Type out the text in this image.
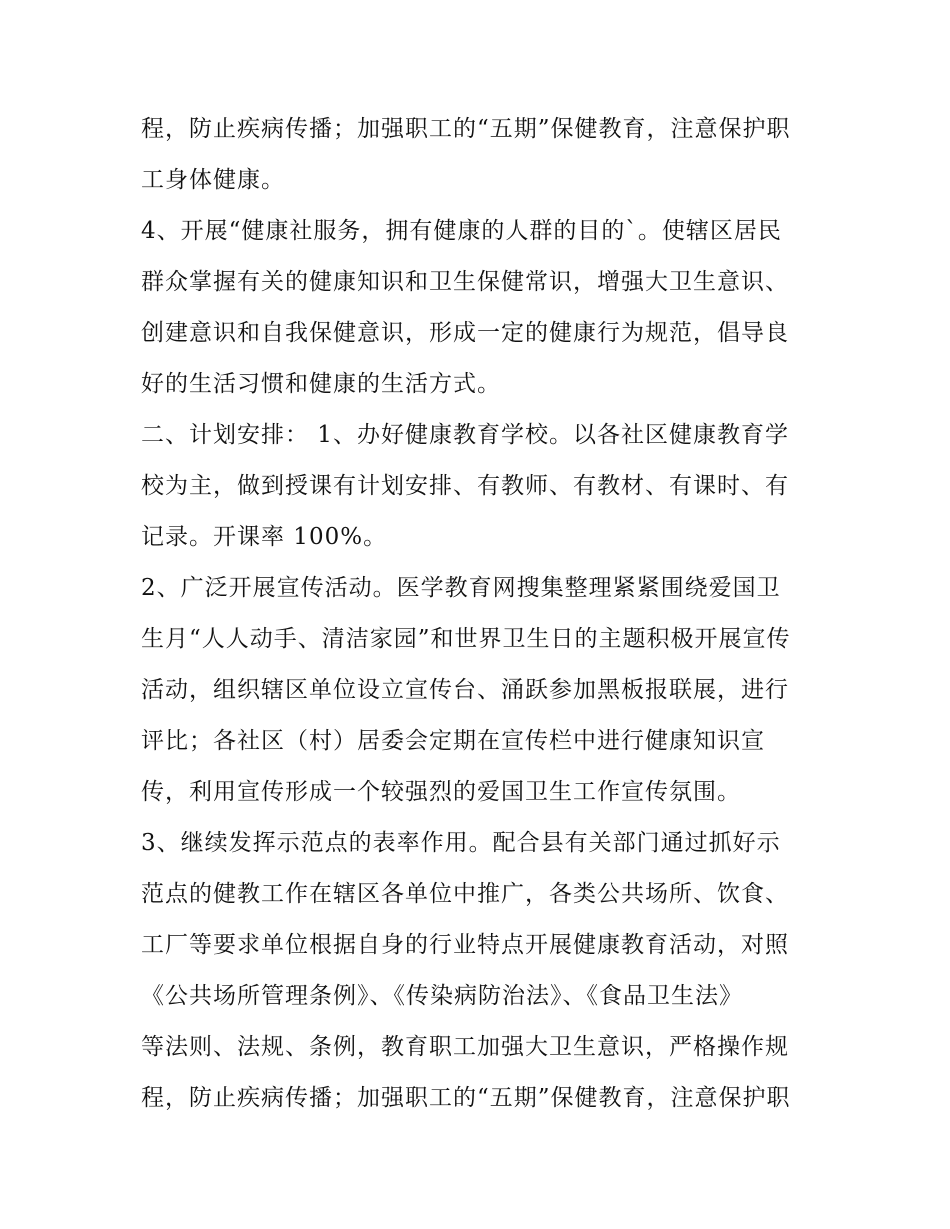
程，防止疾病传播；加强职工的“五期”保健教育，注意保护职
工身体健康。
4、开展“健康社服务，拥有健康的人群的目的`。使辖区居民
群众掌握有关的健康知识和卫生保健常识，增强大卫生意识、
创建意识和自我保健意识，形成一定的健康行为规范，倡导良
好的生活习惯和健康的生活方式。
二、计划安排： 1、办好健康教育学校。以各社区健康教育学
校为主，做到授课有计划安排、有教师、有教材、有课时、有
记录。开课率 100%。
2、广泛开展宣传活动。医学教育网搜集整理紧紧围绕爱国卫
生月“人人动手、清洁家园”和世界卫生日的主题积极开展宣传
活动，组织辖区单位设立宣传台、涌跃参加黑板报联展，进行
评比；各社区（村）居委会定期在宣传栏中进行健康知识宣
传，利用宣传形成一个较强烈的爱国卫生工作宣传氛围。
3、继续发挥示范点的表率作用。配合县有关部门通过抓好示
范点的健教工作在辖区各单位中推广，各类公共场所、饮食、
工厂等要求单位根据自身的行业特点开展健康教育活动，对照
《公共场所管理条例》、《传染病防治法》、《食品卫生法》
等法则、法规、条例，教育职工加强大卫生意识，严格操作规
程，防止疾病传播；加强职工的“五期”保健教育，注意保护职
